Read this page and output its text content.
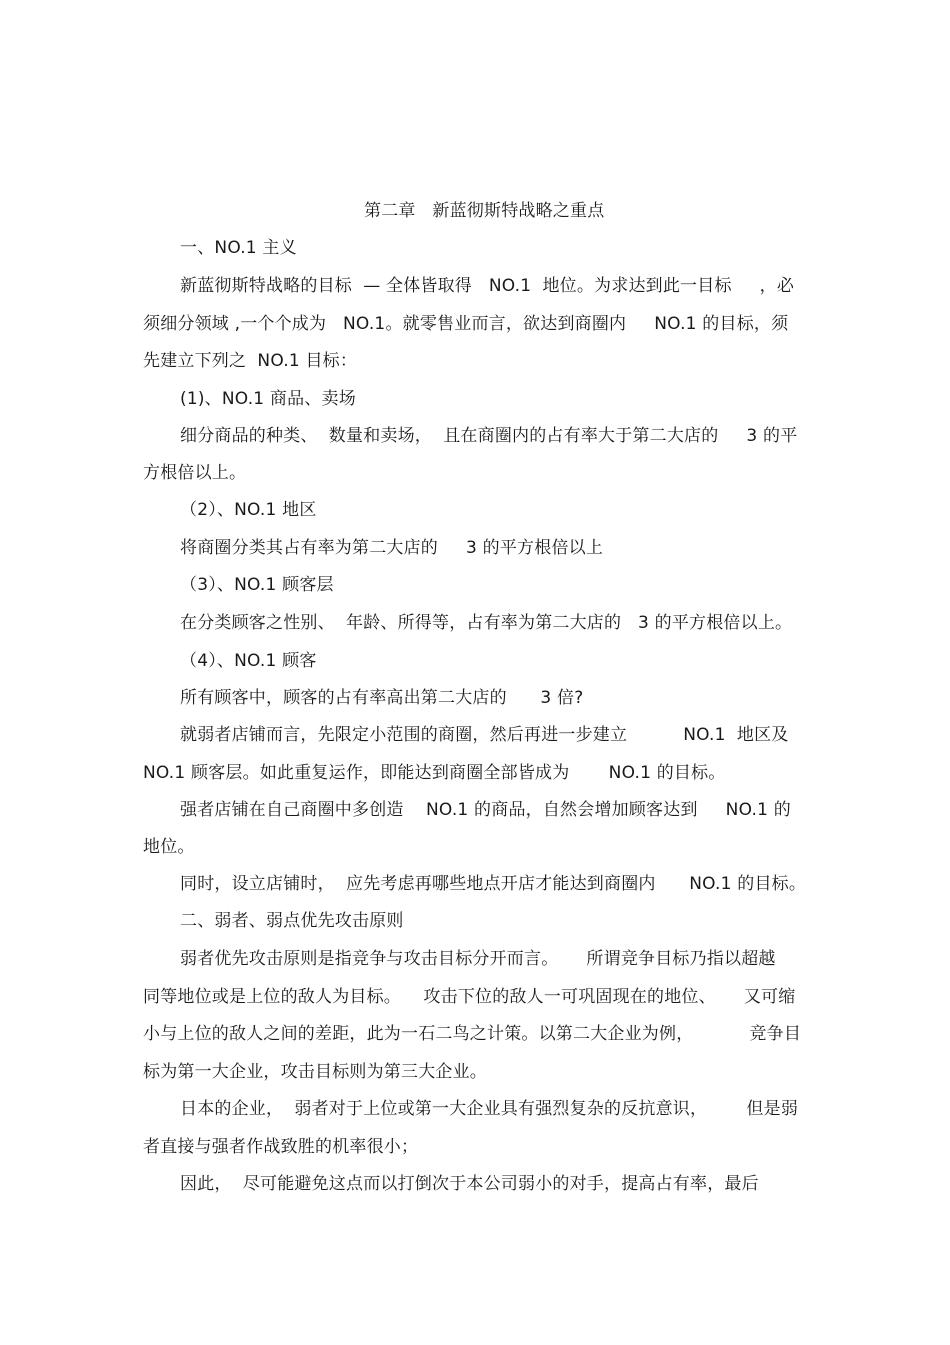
第二章   新蓝彻斯特战略之重点
一、NO.1 主义
新蓝彻斯特战略的目标  — 全体皆取得   NO.1  地位。为求达到此一目标     ，必
须细分领域 ,一个个成为   NO.1。就零售业而言，欲达到商圈内     NO.1 的目标，须
先建立下列之  NO.1 目标：
(1)、NO.1 商品、卖场
细分商品的种类、  数量和卖场，  且在商圈内的占有率大于第二大店的     3 的平
方根倍以上。
（2）、NO.1 地区
将商圈分类其占有率为第二大店的     3 的平方根倍以上
（3）、NO.1 顾客层
在分类顾客之性别、  年龄、所得等，占有率为第二大店的   3 的平方根倍以上。
（4）、NO.1 顾客
所有顾客中，顾客的占有率高出第二大店的      3 倍?
就弱者店铺而言，先限定小范围的商圈，然后再进一步建立          NO.1  地区及
NO.1 顾客层。如此重复运作，即能达到商圈全部皆成为       NO.1 的目标。
强者店铺在自己商圈中多创造    NO.1 的商品，自然会增加顾客达到     NO.1 的
地位。
同时，设立店铺时，  应先考虑再哪些地点开店才能达到商圈内      NO.1 的目标。
二、弱者、弱点优先攻击原则
弱者优先攻击原则是指竞争与攻击目标分开而言。     所谓竞争目标乃指以超越
同等地位或是上位的敌人为目标。    攻击下位的敌人一可巩固现在的地位、     又可缩
小与上位的敌人之间的差距，此为一石二鸟之计策。以第二大企业为例，          竞争目
标为第一大企业，攻击目标则为第三大企业。
日本的企业，  弱者对于上位或第一大企业具有强烈复杂的反抗意识，       但是弱
者直接与强者作战致胜的机率很小；
因此，  尽可能避免这点而以打倒次于本公司弱小的对手，提高占有率，最后
